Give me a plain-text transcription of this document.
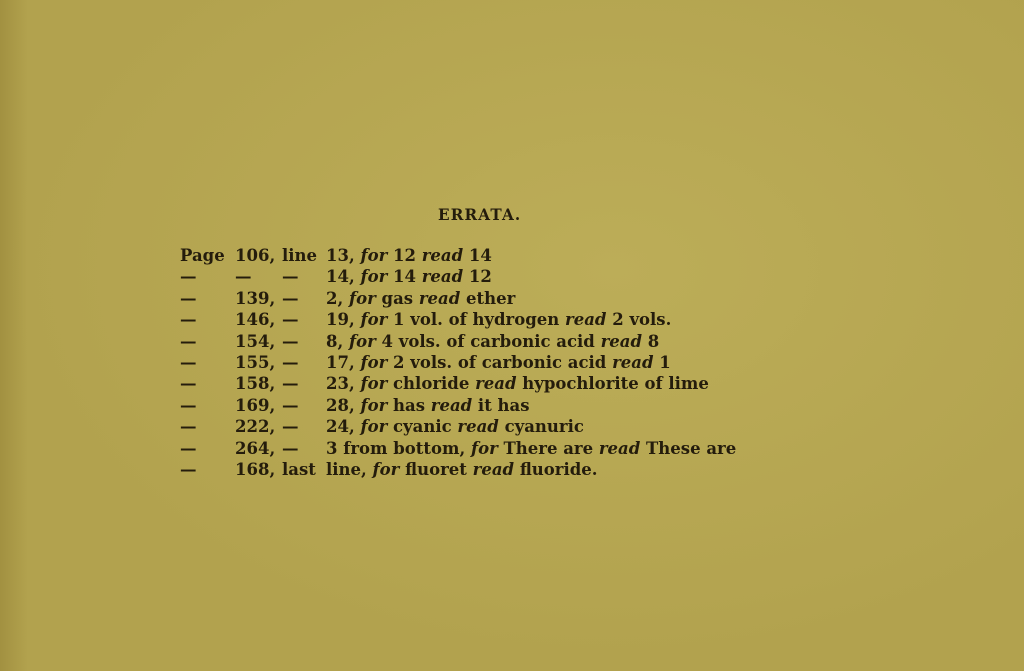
ERRATA.
Page 106, line 13, for 12 read 14
— — — 14, for 14 read 12
— 139, — 2, for gas read ether
— 146, — 19, for 1 vol. of hydrogen read 2 vols.
— 154, — 8, for 4 vols. of carbonic acid read 8
— 155, — 17, for 2 vols. of carbonic acid read 1
— 158, — 23, for chloride read hypochlorite of lime
— 169, — 28, for has read it has
— 222, — 24, for cyanic read cyanuric
— 264, — 3 from bottom, for There are read These are
— 168, last line, for fluoret read fluoride.
